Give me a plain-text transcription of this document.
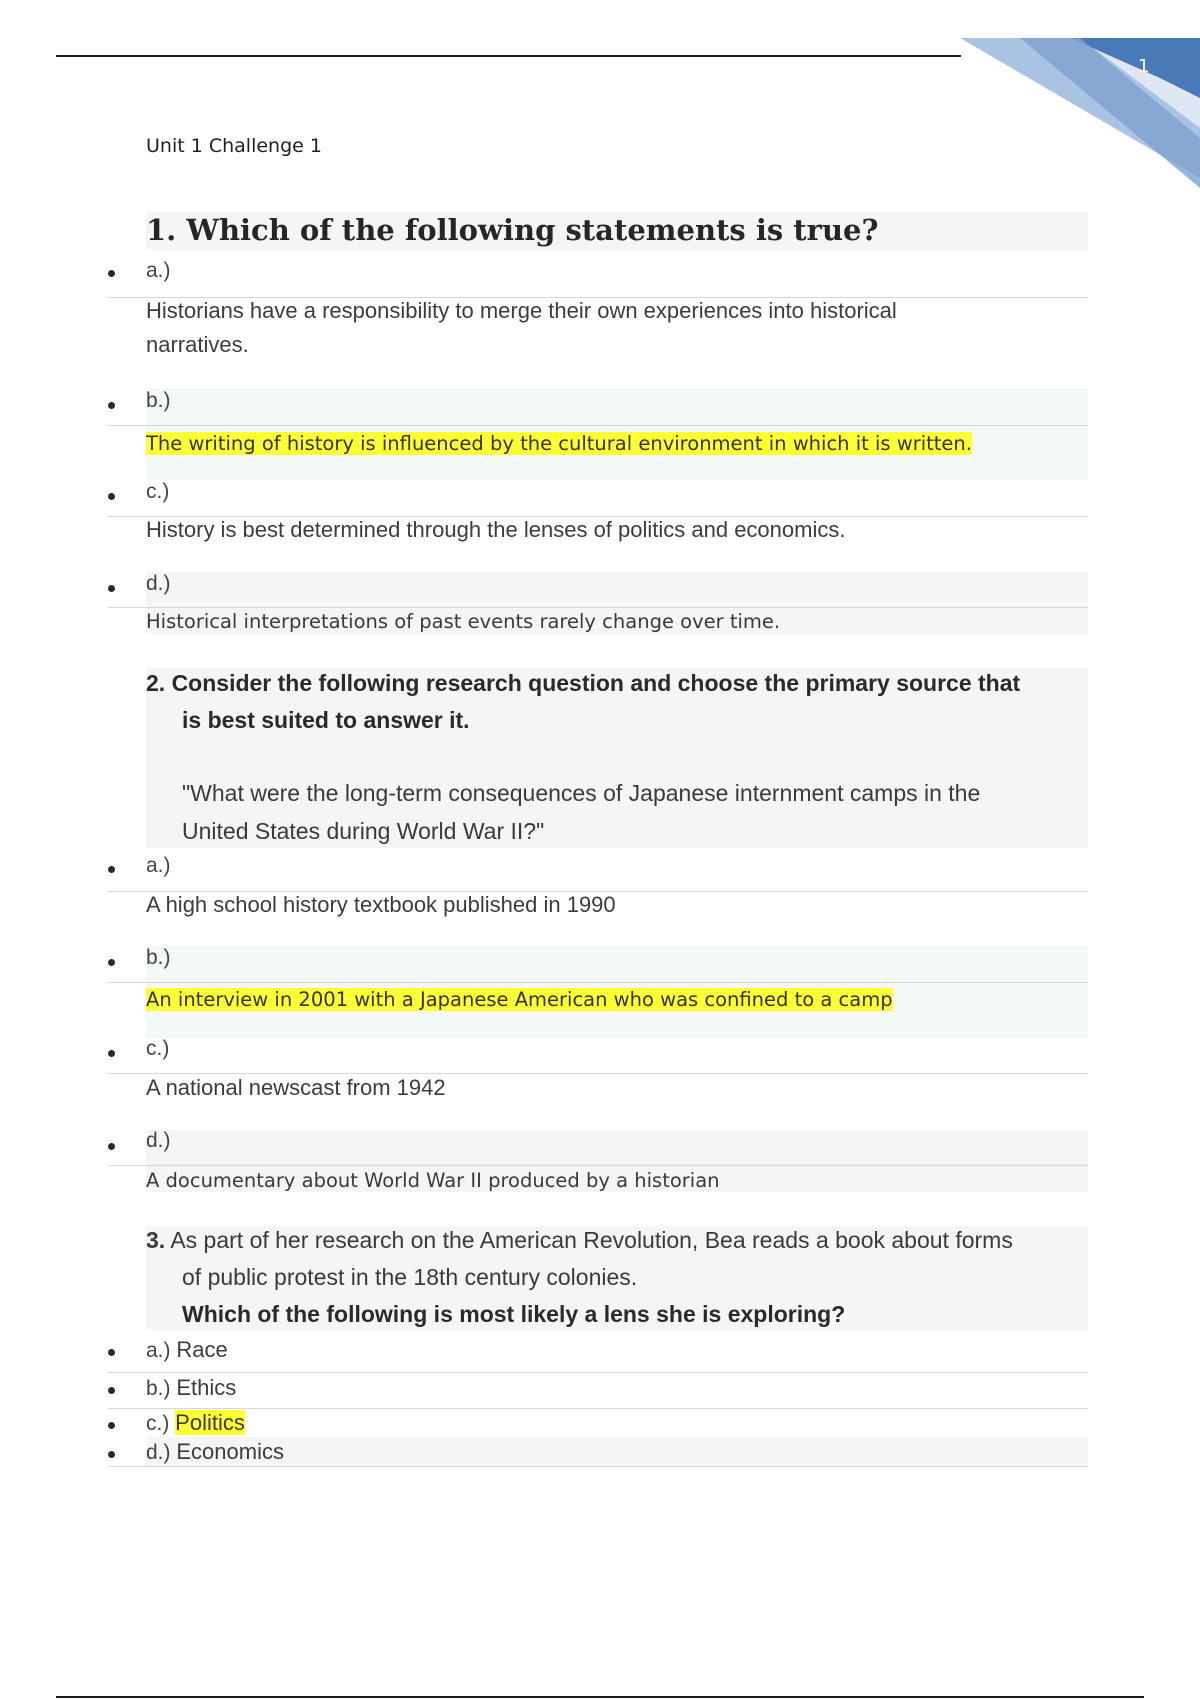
1
Unit 1 Challenge 1
1. Which of the following statements is true?
a.)
Historians have a responsibility to merge their own experiences into historical narratives.
b.)
The writing of history is influenced by the cultural environment in which it is written.
c.)
History is best determined through the lenses of politics and economics.
d.)
Historical interpretations of past events rarely change over time.
2. Consider the following research question and choose the primary source that
is best suited to answer it.
"What were the long-term consequences of Japanese internment camps in the
United States during World War II?"
a.)
A high school history textbook published in 1990
b.)
An interview in 2001 with a Japanese American who was confined to a camp
c.)
A national newscast from 1942
d.)
A documentary about World War II produced by a historian
3. As part of her research on the American Revolution, Bea reads a book about forms
of public protest in the 18th century colonies.
Which of the following is most likely a lens she is exploring?
a.) Race
b.) Ethics
c.) Politics
d.) Economics
